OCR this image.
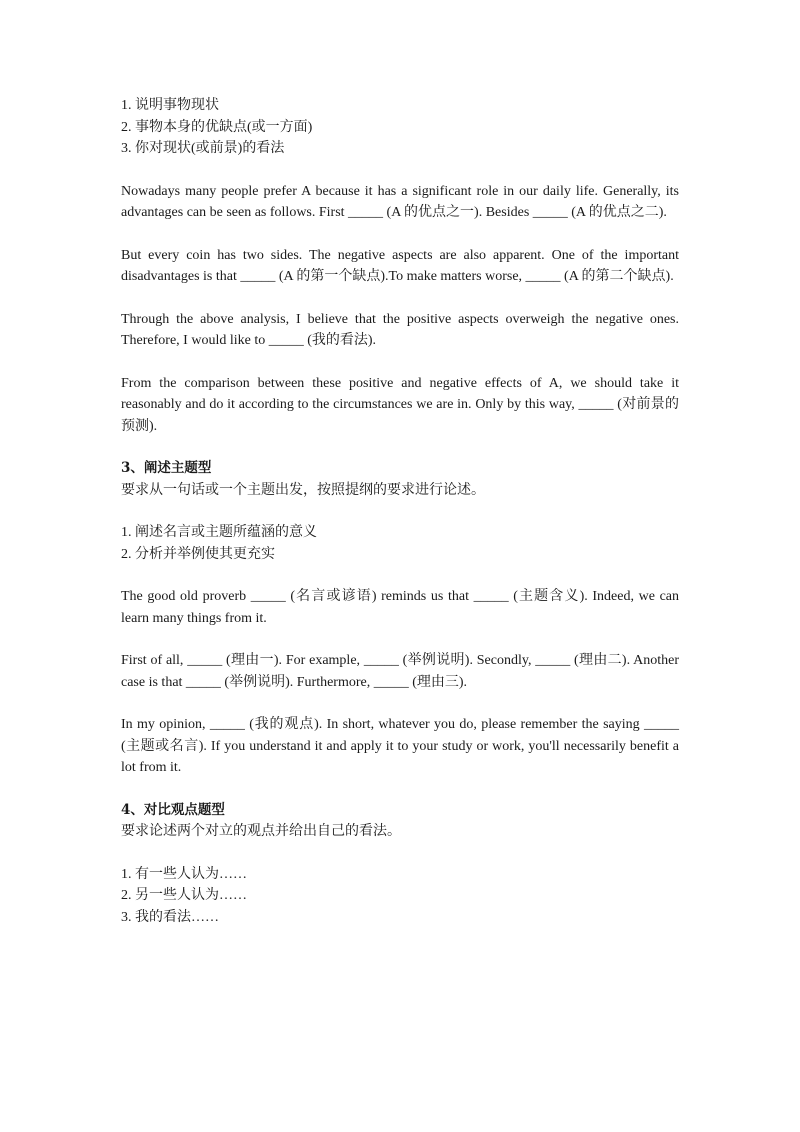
1. 说明事物现状

2. 事物本身的优缺点(或一方面)

3. 你对现状(或前景)的看法

Nowadays many people prefer A because it has a significant role in our daily life. Generally, its advantages can be seen as follows. First _____ (A 的优点之一). Besides _____ (A 的优点之二).

But every coin has two sides. The negative aspects are also apparent. One of the important disadvantages is that _____ (A 的第一个缺点).To make matters worse, _____ (A 的第二个缺点).

Through the above analysis, I believe that the positive aspects overweigh the negative ones. Therefore, I would like to _____ (我的看法).

From the comparison between these positive and negative effects of A, we should take it reasonably and do it according to the circumstances we are in. Only by this way, _____ (对前景的预测).

3、阐述主题型

要求从一句话或一个主题出发，按照提纲的要求进行论述。

1. 阐述名言或主题所蕴涵的意义

2. 分析并举例使其更充实

The good old proverb _____ (名言或谚语) reminds us that _____ (主题含义). Indeed, we can learn many things from it.

First of all, _____ (理由一). For example, _____ (举例说明). Secondly, _____ (理由二). Another case is that _____ (举例说明). Furthermore, _____ (理由三).

In my opinion, _____ (我的观点). In short, whatever you do, please remember the saying _____ (主题或名言). If you understand it and apply it to your study or work, you'll necessarily benefit a lot from it.

4、对比观点题型

要求论述两个对立的观点并给出自己的看法。

1. 有一些人认为……

2. 另一些人认为……

3. 我的看法……
